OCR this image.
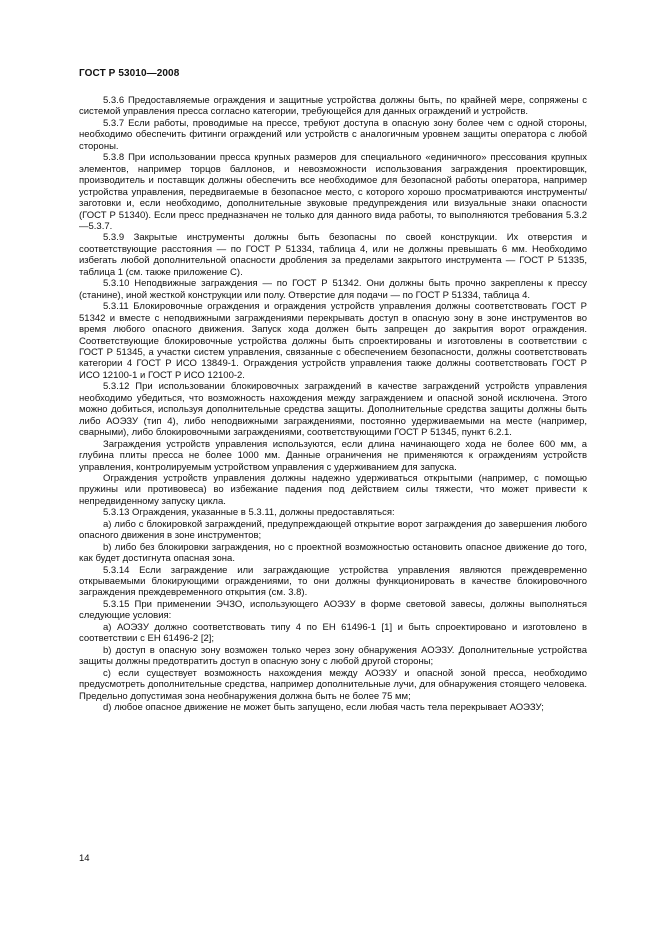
ГОСТ Р 53010—2008

5.3.6 Предоставляемые ограждения и защитные устройства должны быть, по крайней мере, сопряжены с системой управления пресса согласно категории, требующейся для данных ограждений и устройств.

5.3.7 Если работы, проводимые на прессе, требуют доступа в опасную зону более чем с одной стороны, необходимо обеспечить фитинги ограждений или устройств с аналогичным уровнем защиты оператора с любой стороны.

5.3.8 При использовании пресса крупных размеров для специального «единичного» прессования крупных элементов, например торцов баллонов, и невозможности использования заграждения проектировщик, производитель и поставщик должны обеспечить все необходимое для безопасной работы оператора, например устройства управления, передвигаемые в безопасное место, с которого хорошо просматриваются инструменты/заготовки и, если необходимо, дополнительные звуковые предупреждения или визуальные знаки опасности (ГОСТ Р 51340). Если пресс предназначен не только для данного вида работы, то выполняются требования 5.3.2—5.3.7.

5.3.9 Закрытые инструменты должны быть безопасны по своей конструкции. Их отверстия и соответствующие расстояния — по ГОСТ Р 51334, таблица 4, или не должны превышать 6 мм. Необходимо избегать любой дополнительной опасности дробления за пределами закрытого инструмента — ГОСТ Р 51335, таблица 1 (см. также приложение С).

5.3.10 Неподвижные заграждения — по ГОСТ Р 51342. Они должны быть прочно закреплены к прессу (станине), иной жесткой конструкции или полу. Отверстие для подачи — по ГОСТ Р 51334, таблица 4.

5.3.11 Блокировочные ограждения и ограждения устройств управления должны соответствовать ГОСТ Р 51342 и вместе с неподвижными заграждениями перекрывать доступ в опасную зону в зоне инструментов во время любого опасного движения. Запуск хода должен быть запрещен до закрытия ворот ограждения. Соответствующие блокировочные устройства должны быть спроектированы и изготовлены в соответствии с ГОСТ Р 51345, а участки систем управления, связанные с обеспечением безопасности, должны соответствовать категории 4 ГОСТ Р ИСО 13849-1. Ограждения устройств управления также должны соответствовать ГОСТ Р ИСО 12100-1 и ГОСТ Р ИСО 12100-2.

5.3.12 При использовании блокировочных заграждений в качестве заграждений устройств управления необходимо убедиться, что возможность нахождения между заграждением и опасной зоной исключена. Этого можно добиться, используя дополнительные средства защиты. Дополнительные средства защиты должны быть либо АОЭЗУ (тип 4), либо неподвижными заграждениями, постоянно удерживаемыми на месте (например, сварными), либо блокировочными заграждениями, соответствующими ГОСТ Р 51345, пункт 6.2.1.

Заграждения устройств управления используются, если длина начинающего хода не более 600 мм, а глубина плиты пресса не более 1000 мм. Данные ограничения не применяются к ограждениям устройств управления, контролируемым устройством управления с удерживанием для запуска.

Ограждения устройств управления должны надежно удерживаться открытыми (например, с помощью пружины или противовеса) во избежание падения под действием силы тяжести, что может привести к непредвиденному запуску цикла.

5.3.13 Ограждения, указанные в 5.3.11, должны предоставляться:

a) либо с блокировкой заграждений, предупреждающей открытие ворот заграждения до завершения любого опасного движения в зоне инструментов;

b) либо без блокировки заграждения, но с проектной возможностью остановить опасное движение до того, как будет достигнута опасная зона.

5.3.14 Если заграждение или заграждающие устройства управления являются преждевременно открываемыми блокирующими ограждениями, то они должны функционировать в качестве блокировочного заграждения преждевременного открытия (см. 3.8).

5.3.15 При применении ЭЧЗО, использующего АОЭЗУ в форме световой завесы, должны выполняться следующие условия:

a) АОЭЗУ должно соответствовать типу 4 по ЕН 61496-1 [1] и быть спроектировано и изготовлено в соответствии с ЕН 61496-2 [2];

b) доступ в опасную зону возможен только через зону обнаружения АОЭЗУ. Дополнительные устройства защиты должны предотвратить доступ в опасную зону с любой другой стороны;

c) если существует возможность нахождения между АОЭЗУ и опасной зоной пресса, необходимо предусмотреть дополнительные средства, например дополнительные лучи, для обнаружения стоящего человека. Предельно допустимая зона необнаружения должна быть не более 75 мм;

d) любое опасное движение не может быть запущено, если любая часть тела перекрывает АОЭЗУ;

14
